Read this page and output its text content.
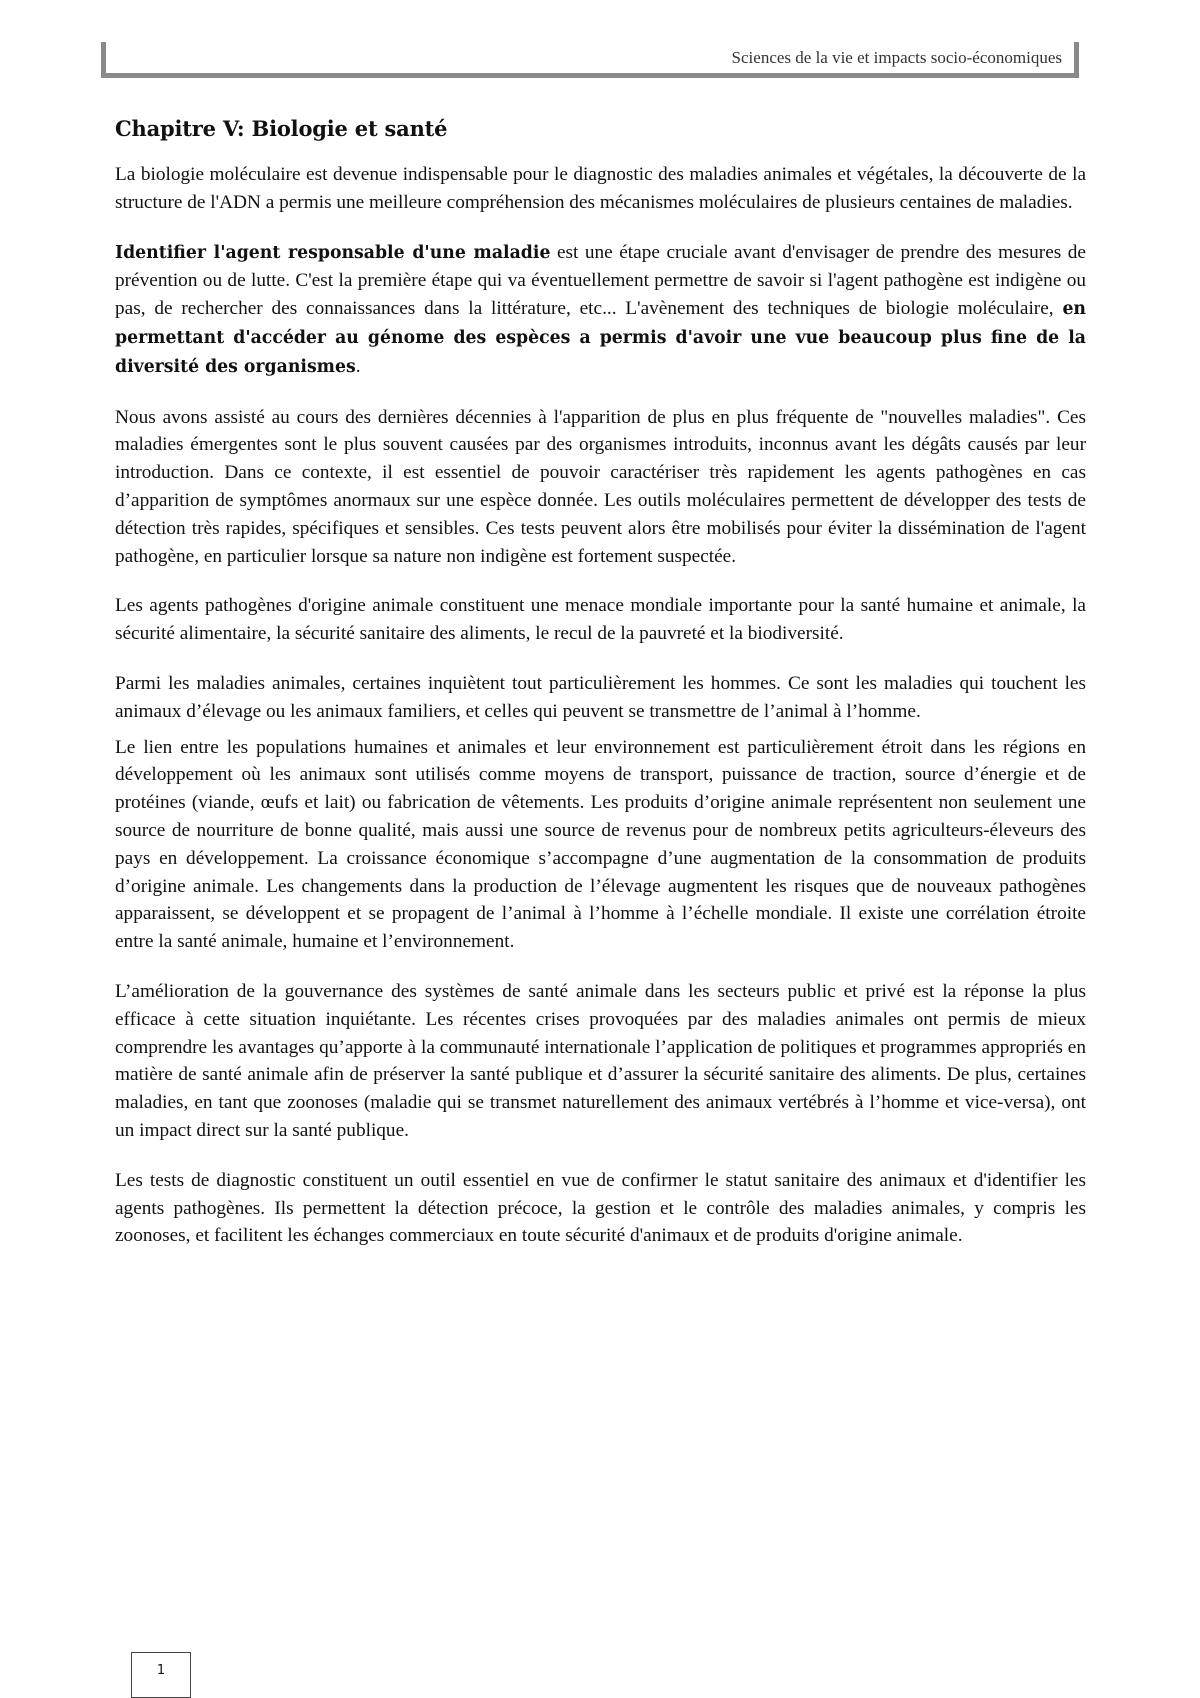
Sciences de la vie et impacts socio-économiques
Chapitre V: Biologie et santé

La biologie moléculaire est devenue indispensable pour le diagnostic des maladies animales et végétales, la découverte de la structure de l'ADN a permis une meilleure compréhension des mécanismes moléculaires de plusieurs centaines de maladies.

Identifier l'agent responsable d'une maladie est une étape cruciale avant d'envisager de prendre des mesures de prévention ou de lutte. C'est la première étape qui va éventuellement permettre de savoir si l'agent pathogène est indigène ou pas, de rechercher des connaissances dans la littérature, etc... L'avènement des techniques de biologie moléculaire, en permettant d'accéder au génome des espèces a permis d'avoir une vue beaucoup plus fine de la diversité des organismes.

Nous avons assisté au cours des dernières décennies à l'apparition de plus en plus fréquente de "nouvelles maladies". Ces maladies émergentes sont le plus souvent causées par des organismes introduits, inconnus avant les dégâts causés par leur introduction. Dans ce contexte, il est essentiel de pouvoir caractériser très rapidement les agents pathogènes en cas d’apparition de symptômes anormaux sur une espèce donnée. Les outils moléculaires permettent de développer des tests de détection très rapides, spécifiques et sensibles. Ces tests peuvent alors être mobilisés pour éviter la dissémination de l'agent pathogène, en particulier lorsque sa nature non indigène est fortement suspectée.

Les agents pathogènes d'origine animale constituent une menace mondiale importante pour la santé humaine et animale, la sécurité alimentaire, la sécurité sanitaire des aliments, le recul de la pauvreté et la biodiversité.

Parmi les maladies animales, certaines inquiètent tout particulièrement les hommes. Ce sont les maladies qui touchent les animaux d’élevage ou les animaux familiers, et celles qui peuvent se transmettre de l’animal à l’homme.

Le lien entre les populations humaines et animales et leur environnement est particulièrement étroit dans les régions en développement où les animaux sont utilisés comme moyens de transport, puissance de traction, source d’énergie et de protéines (viande, œufs et lait) ou fabrication de vêtements. Les produits d’origine animale représentent non seulement une source de nourriture de bonne qualité, mais aussi une source de revenus pour de nombreux petits agriculteurs-éleveurs des pays en développement. La croissance économique s’accompagne d’une augmentation de la consommation de produits d’origine animale. Les changements dans la production de l’élevage augmentent les risques que de nouveaux pathogènes apparaissent, se développent et se propagent de l’animal à l’homme à l’échelle mondiale. Il existe une corrélation étroite entre la santé animale, humaine et l’environnement.

L’amélioration de la gouvernance des systèmes de santé animale dans les secteurs public et privé est la réponse la plus efficace à cette situation inquiétante. Les récentes crises provoquées par des maladies animales ont permis de mieux comprendre les avantages qu’apporte à la communauté internationale l’application de politiques et programmes appropriés en matière de santé animale afin de préserver la santé publique et d’assurer la sécurité sanitaire des aliments. De plus, certaines maladies, en tant que zoonoses (maladie qui se transmet naturellement des animaux vertébrés à l’homme et vice-versa), ont un impact direct sur la santé publique.

Les tests de diagnostic constituent un outil essentiel en vue de confirmer le statut sanitaire des animaux et d'identifier les agents pathogènes. Ils permettent la détection précoce, la gestion et le contrôle des maladies animales, y compris les zoonoses, et facilitent les échanges commerciaux en toute sécurité d'animaux et de produits d'origine animale.

1
